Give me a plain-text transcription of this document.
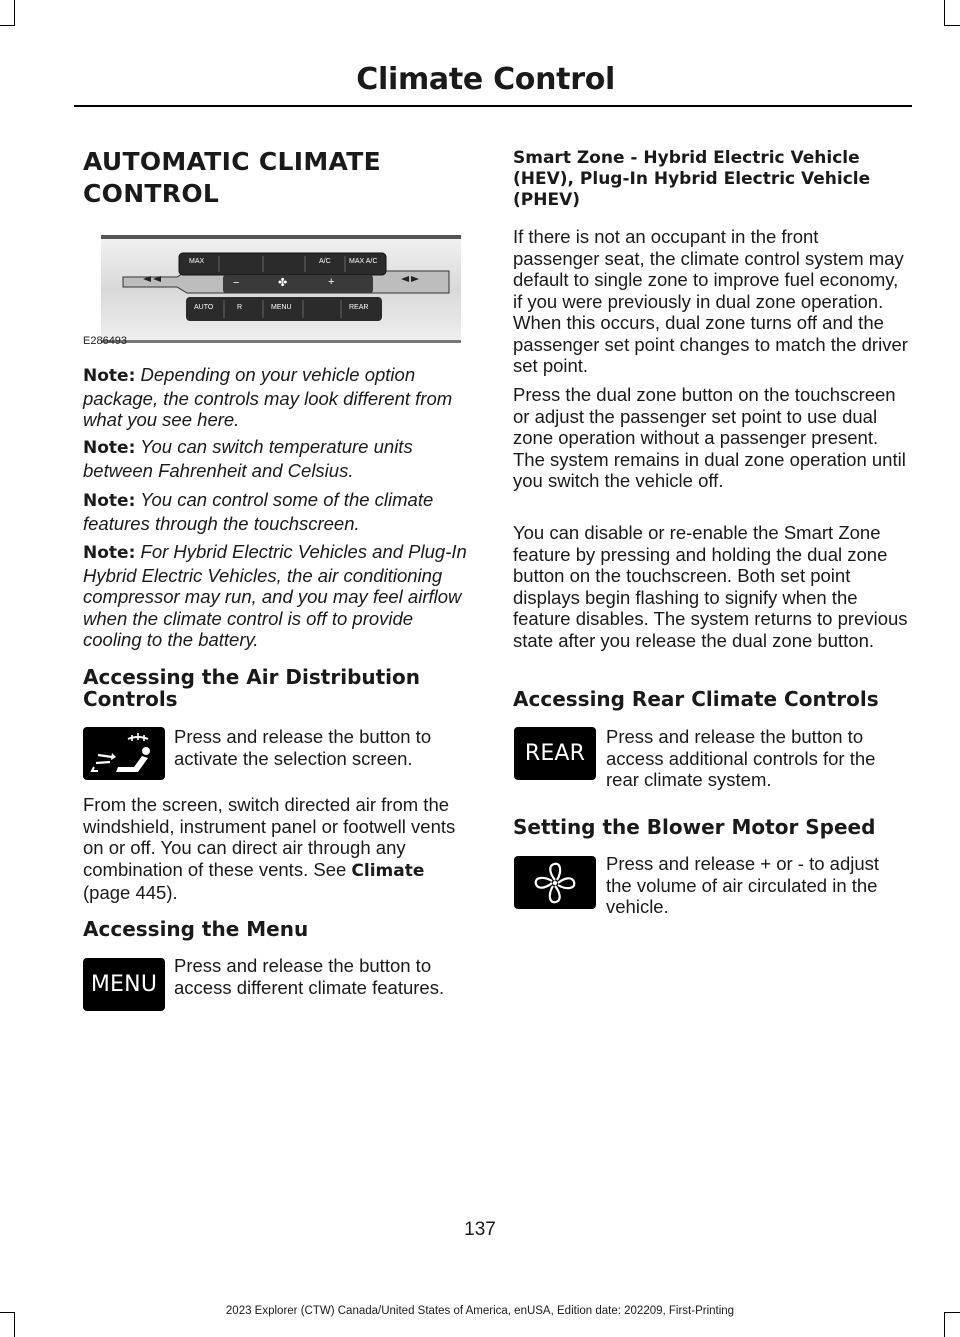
Climate Control
AUTOMATIC CLIMATE
CONTROL
MAX	A/C	MAX A/C
−	✤	+
AUTO	R	MENU	REAR
E286493

Note: Depending on your vehicle option package, the controls may look different from what you see here.

Note: You can switch temperature units between Fahrenheit and Celsius.

Note: You can control some of the climate features through the touchscreen.

Note: For Hybrid Electric Vehicles and Plug-In Hybrid Electric Vehicles, the air conditioning compressor may run, and you may feel airflow when the climate control is off to provide cooling to the battery.

Accessing the Air Distribution Controls

Press and release the button to activate the selection screen.

From the screen, switch directed air from the windshield, instrument panel or footwell vents on or off. You can direct air through any combination of these vents. See Climate (page 445).

Accessing the Menu
MENU

Press and release the button to access different climate features.

Smart Zone - Hybrid Electric Vehicle (HEV), Plug-In Hybrid Electric Vehicle (PHEV)

If there is not an occupant in the front passenger seat, the climate control system may default to single zone to improve fuel economy, if you were previously in dual zone operation. When this occurs, dual zone turns off and the passenger set point changes to match the driver set point.

Press the dual zone button on the touchscreen or adjust the passenger set point to use dual zone operation without a passenger present. The system remains in dual zone operation until you switch the vehicle off.

You can disable or re-enable the Smart Zone feature by pressing and holding the dual zone button on the touchscreen. Both set point displays begin flashing to signify when the feature disables. The system returns to previous state after you release the dual zone button.

Accessing Rear Climate Controls
REAR

Press and release the button to access additional controls for the rear climate system.

Setting the Blower Motor Speed

Press and release + or - to adjust the volume of air circulated in the vehicle.

137
2023 Explorer (CTW) Canada/United States of America, enUSA, Edition date: 202209, First-Printing
